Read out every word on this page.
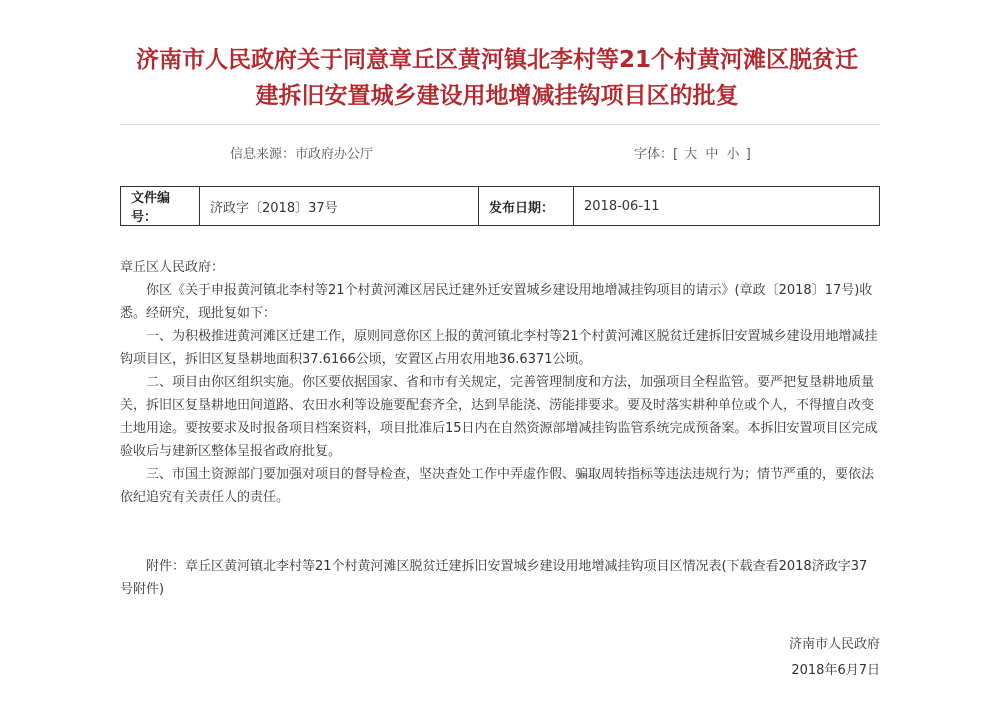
济南市人民政府关于同意章丘区黄河镇北李村等21个村黄河滩区脱贫迁
建拆旧安置城乡建设用地增减挂钩项目区的批复
信息来源：市政府办公厅	字体：[ 大 中 小 ]
文件编号：	济政字〔2018〕37号	发布日期：	2018-06-11

章丘区人民政府：

你区《关于申报黄河镇北李村等21个村黄河滩区居民迁建外迁安置城乡建设用地增减挂钩项目的请示》(章政〔2018〕17号)收悉。经研究，现批复如下：

一、为积极推进黄河滩区迁建工作，原则同意你区上报的黄河镇北李村等21个村黄河滩区脱贫迁建拆旧安置城乡建设用地增减挂钩项目区，拆旧区复垦耕地面积37.6166公顷，安置区占用农用地36.6371公顷。

二、项目由你区组织实施。你区要依据国家、省和市有关规定，完善管理制度和方法，加强项目全程监管。要严把复垦耕地质量关，拆旧区复垦耕地田间道路、农田水利等设施要配套齐全，达到旱能浇、涝能排要求。要及时落实耕种单位或个人，不得擅自改变土地用途。要按要求及时报备项目档案资料，项目批准后15日内在自然资源部增减挂钩监管系统完成预备案。本拆旧安置项目区完成验收后与建新区整体呈报省政府批复。

三、市国土资源部门要加强对项目的督导检查，坚决查处工作中弄虚作假、骗取周转指标等违法违规行为；情节严重的，要依法依纪追究有关责任人的责任。

附件：章丘区黄河镇北李村等21个村黄河滩区脱贫迁建拆旧安置城乡建设用地增减挂钩项目区情况表(下载查看2018济政字37号附件)

济南市人民政府
2018年6月7日
